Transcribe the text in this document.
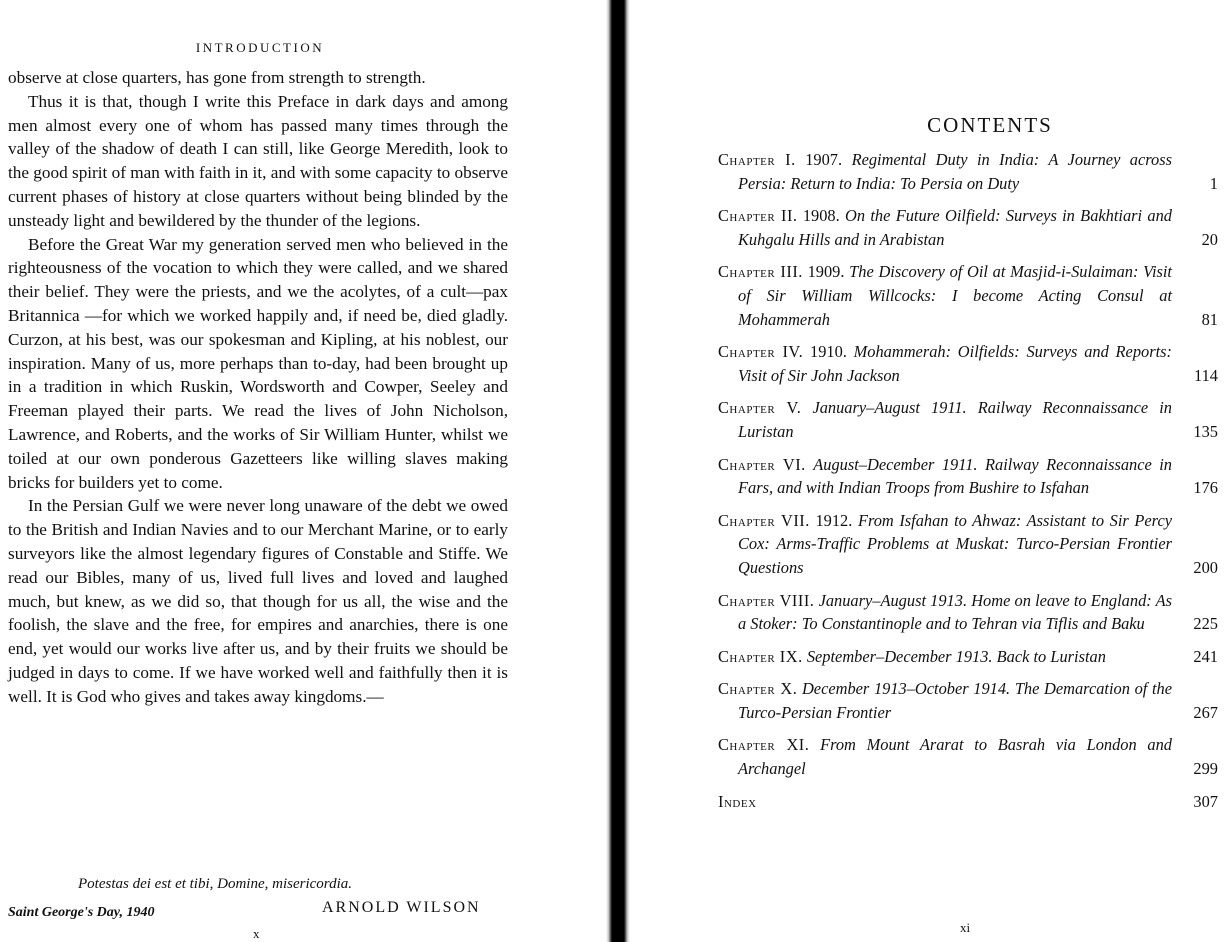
INTRODUCTION

observe at close quarters, has gone from strength to strength.

Thus it is that, though I write this Preface in dark days and among men almost every one of whom has passed many times through the valley of the shadow of death I can still, like George Meredith, look to the good spirit of man with faith in it, and with some capacity to observe current phases of history at close quarters without being blinded by the unsteady light and bewildered by the thunder of the legions.

Before the Great War my generation served men who believed in the righteousness of the vocation to which they were called, and we shared their belief. They were the priests, and we the acolytes, of a cult—pax Britannica —for which we worked happily and, if need be, died gladly. Curzon, at his best, was our spokesman and Kipling, at his noblest, our inspiration. Many of us, more perhaps than to-day, had been brought up in a tradition in which Ruskin, Wordsworth and Cowper, Seeley and Freeman played their parts. We read the lives of John Nicholson, Lawrence, and Roberts, and the works of Sir William Hunter, whilst we toiled at our own ponderous Gazetteers like willing slaves making bricks for builders yet to come.

In the Persian Gulf we were never long unaware of the debt we owed to the British and Indian Navies and to our Merchant Marine, or to early surveyors like the almost legendary figures of Constable and Stiffe. We read our Bibles, many of us, lived full lives and loved and laughed much, but knew, as we did so, that though for us all, the wise and the foolish, the slave and the free, for empires and anarchies, there is one end, yet would our works live after us, and by their fruits we should be judged in days to come. If we have worked well and faithfully then it is well. It is God who gives and takes away kingdoms.—

Potestas dei est et tibi, Domine, misericordia.
Saint George's Day, 1940	ARNOLD WILSON
x
CONTENTS
Chapter I. 1907. Regimental Duty in India: A Journey across Persia: Return to India: To Persia on Duty	1
Chapter II. 1908. On the Future Oilfield: Surveys in Bakhtiari and Kuhgalu Hills and in Arabistan	20
Chapter III. 1909. The Discovery of Oil at Masjid-i-Sulaiman: Visit of Sir William Willcocks: I become Acting Consul at Mohammerah	81
Chapter IV. 1910. Mohammerah: Oilfields: Surveys and Reports: Visit of Sir John Jackson	114
Chapter V. January–August 1911. Railway Reconnaissance in Luristan	135
Chapter VI. August–December 1911. Railway Reconnaissance in Fars, and with Indian Troops from Bushire to Isfahan	176
Chapter VII. 1912. From Isfahan to Ahwaz: Assistant to Sir Percy Cox: Arms-Traffic Problems at Muskat: Turco-Persian Frontier Questions	200
Chapter VIII. January–August 1913. Home on leave to England: As a Stoker: To Constantinople and to Tehran via Tiflis and Baku	225
Chapter IX. September–December 1913. Back to Luristan	241
Chapter X. December 1913–October 1914. The Demarcation of the Turco-Persian Frontier	267
Chapter XI. From Mount Ararat to Basrah via London and Archangel	299
Index	307
xi
